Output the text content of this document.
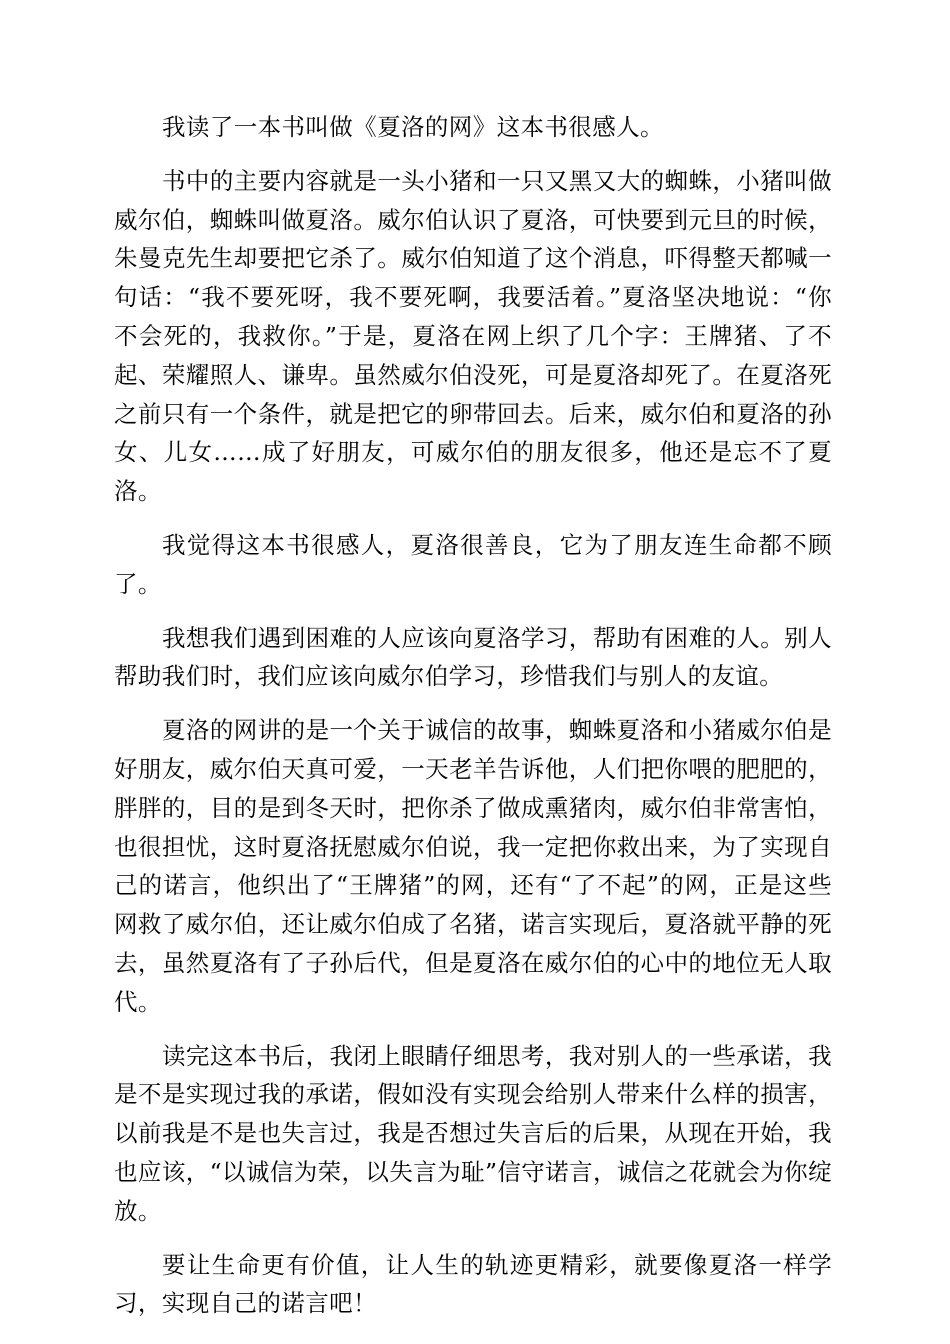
我读了一本书叫做《夏洛的网》这本书很感人。

书中的主要内容就是一头小猪和一只又黑又大的蜘蛛，小猪叫做威尔伯，蜘蛛叫做夏洛。威尔伯认识了夏洛，可快要到元旦的时候，朱曼克先生却要把它杀了。威尔伯知道了这个消息，吓得整天都喊一句话：“我不要死呀，我不要死啊，我要活着。”夏洛坚决地说：“你不会死的，我救你。”于是，夏洛在网上织了几个字：王牌猪、了不起、荣耀照人、谦卑。虽然威尔伯没死，可是夏洛却死了。在夏洛死之前只有一个条件，就是把它的卵带回去。后来，威尔伯和夏洛的孙女、儿女……成了好朋友，可威尔伯的朋友很多，他还是忘不了夏洛。

我觉得这本书很感人，夏洛很善良，它为了朋友连生命都不顾了。

我想我们遇到困难的人应该向夏洛学习，帮助有困难的人。别人帮助我们时，我们应该向威尔伯学习，珍惜我们与别人的友谊。

夏洛的网讲的是一个关于诚信的故事，蜘蛛夏洛和小猪威尔伯是好朋友，威尔伯天真可爱，一天老羊告诉他，人们把你喂的肥肥的，胖胖的，目的是到冬天时，把你杀了做成熏猪肉，威尔伯非常害怕，也很担忧，这时夏洛抚慰威尔伯说，我一定把你救出来，为了实现自己的诺言，他织出了“王牌猪”的网，还有“了不起”的网，正是这些网救了威尔伯，还让威尔伯成了名猪，诺言实现后，夏洛就平静的死去，虽然夏洛有了子孙后代，但是夏洛在威尔伯的心中的地位无人取代。

读完这本书后，我闭上眼睛仔细思考，我对别人的一些承诺，我是不是实现过我的承诺，假如没有实现会给别人带来什么样的损害，以前我是不是也失言过，我是否想过失言后的后果，从现在开始，我也应该，“以诚信为荣，以失言为耻”信守诺言，诚信之花就会为你绽放。

要让生命更有价值，让人生的轨迹更精彩，就要像夏洛一样学习，实现自己的诺言吧！
